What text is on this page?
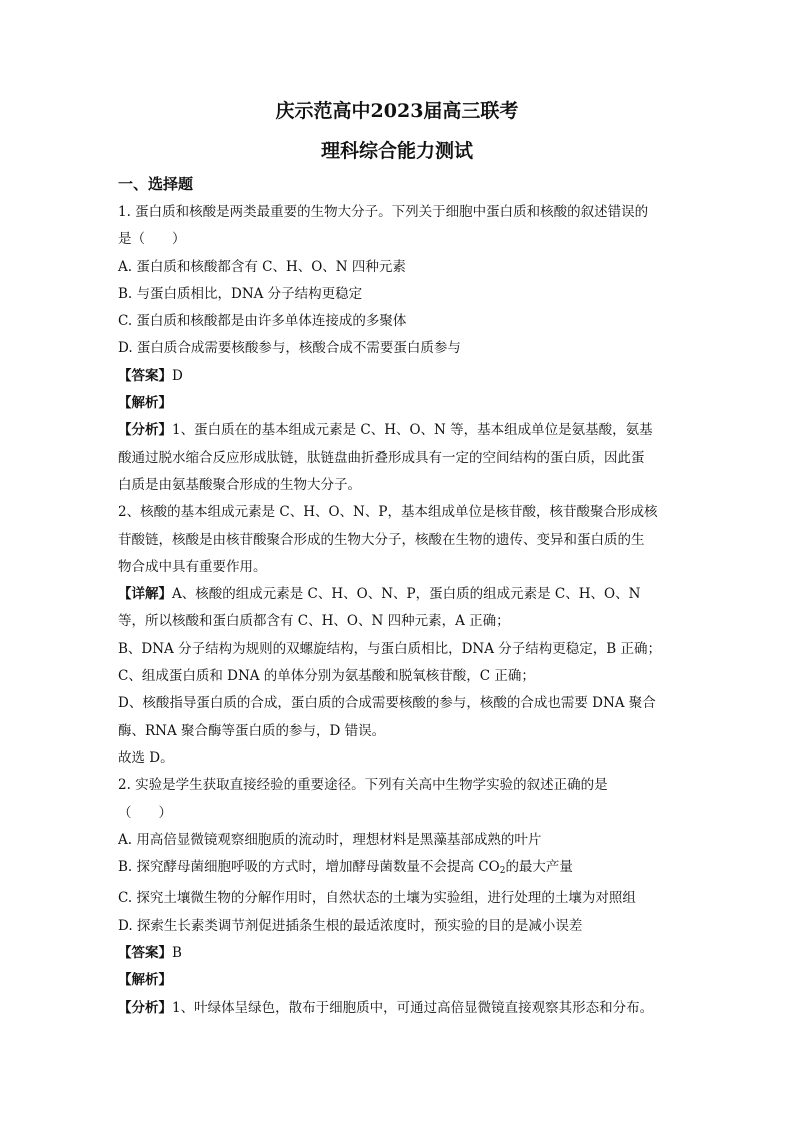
庆示范高中2023届高三联考

理科综合能力测试

一、选择题

1. 蛋白质和核酸是两类最重要的生物大分子。下列关于细胞中蛋白质和核酸的叙述错误的

是（　　）

A. 蛋白质和核酸都含有 C、H、O、N 四种元素

B. 与蛋白质相比，DNA 分子结构更稳定

C. 蛋白质和核酸都是由许多单体连接成的多聚体

D. 蛋白质合成需要核酸参与，核酸合成不需要蛋白质参与

【答案】D

【解析】

【分析】1、蛋白质在的基本组成元素是 C、H、O、N 等，基本组成单位是氨基酸，氨基

酸通过脱水缩合反应形成肽链，肽链盘曲折叠形成具有一定的空间结构的蛋白质，因此蛋

白质是由氨基酸聚合形成的生物大分子。

2、核酸的基本组成元素是 C、H、O、N、P，基本组成单位是核苷酸，核苷酸聚合形成核

苷酸链，核酸是由核苷酸聚合形成的生物大分子，核酸在生物的遗传、变异和蛋白质的生

物合成中具有重要作用。

【详解】A、核酸的组成元素是 C、H、O、N、P，蛋白质的组成元素是 C、H、O、N

等，所以核酸和蛋白质都含有 C、H、O、N 四种元素，A 正确；

B、DNA 分子结构为规则的双螺旋结构，与蛋白质相比，DNA 分子结构更稳定，B 正确；

C、组成蛋白质和 DNA 的单体分别为氨基酸和脱氧核苷酸，C 正确；

D、核酸指导蛋白质的合成，蛋白质的合成需要核酸的参与，核酸的合成也需要 DNA 聚合

酶、RNA 聚合酶等蛋白质的参与，D 错误。

故选 D。

2. 实验是学生获取直接经验的重要途径。下列有关高中生物学实验的叙述正确的是

（　　）

A. 用高倍显微镜观察细胞质的流动时，理想材料是黑藻基部成熟的叶片

B. 探究酵母菌细胞呼吸的方式时，增加酵母菌数量不会提高 $CO_2$的最大产量

C. 探究土壤微生物的分解作用时，自然状态的土壤为实验组，进行处理的土壤为对照组

D. 探索生长素类调节剂促进插条生根的最适浓度时，预实验的目的是减小误差

【答案】B

【解析】

【分析】1、叶绿体呈绿色，散布于细胞质中，可通过高倍显微镜直接观察其形态和分布。
